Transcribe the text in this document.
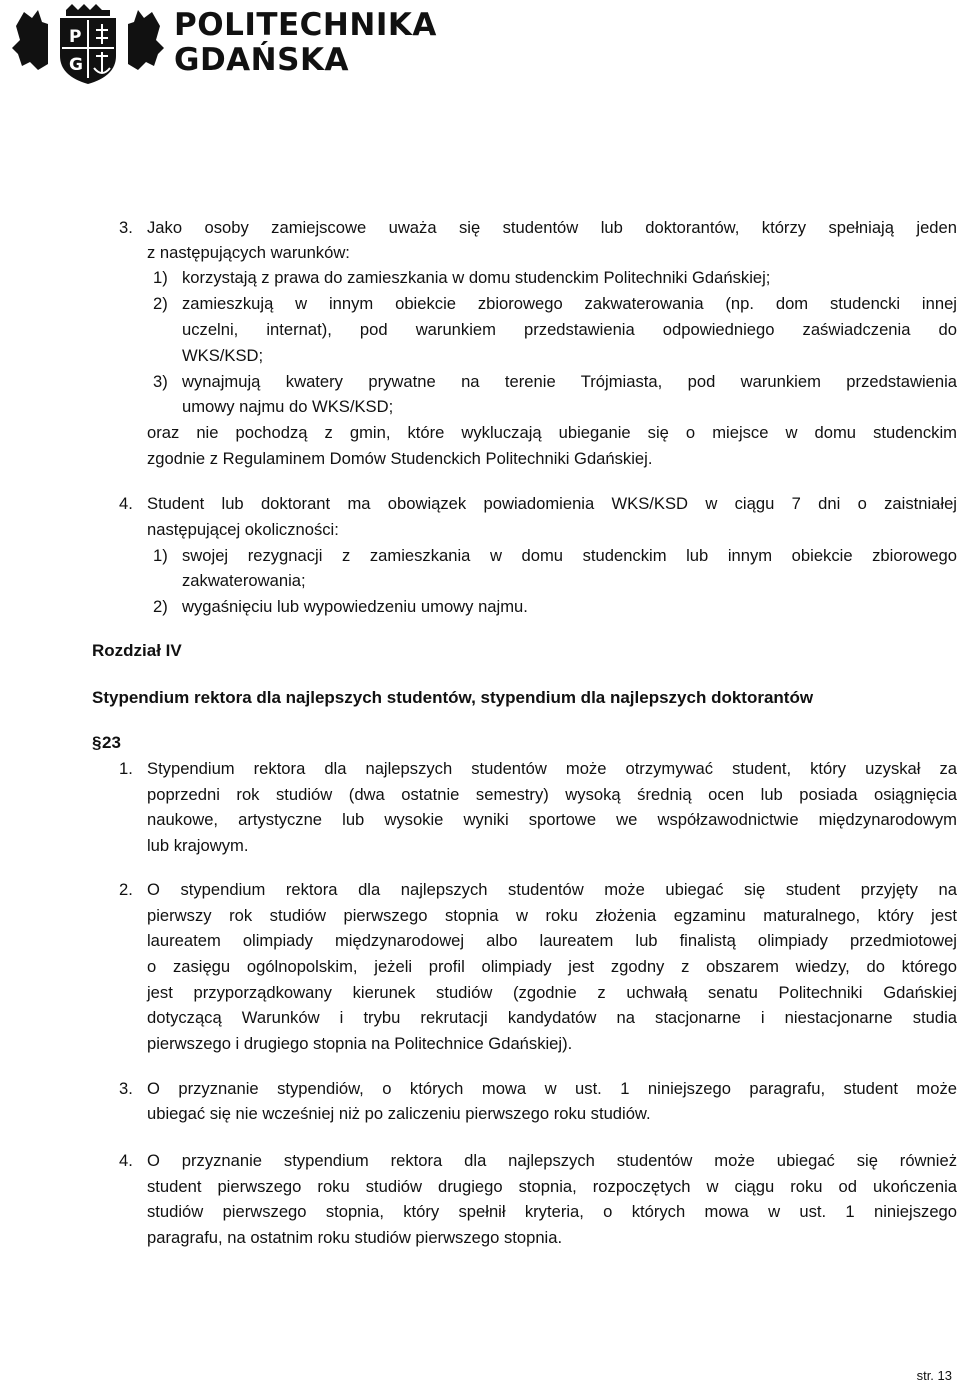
P
G
POLITECHNIKA
GDAŃSKA
3. Jako osoby zamiejscowe uważa się studentów lub doktorantów, którzy spełniają jeden
z następujących warunków:
1) korzystają z prawa do zamieszkania w domu studenckim Politechniki Gdańskiej;
2) zamieszkują w innym obiekcie zbiorowego zakwaterowania (np. dom studencki innej
uczelni, internat), pod warunkiem przedstawienia odpowiedniego zaświadczenia do
WKS/KSD;
3) wynajmują kwatery prywatne na terenie Trójmiasta, pod warunkiem przedstawienia
umowy najmu do WKS/KSD;
oraz nie pochodzą z gmin, które wykluczają ubieganie się o miejsce w domu studenckim
zgodnie z Regulaminem Domów Studenckich Politechniki Gdańskiej.
4. Student lub doktorant ma obowiązek powiadomienia WKS/KSD w ciągu 7 dni o zaistniałej
następującej okoliczności:
1) swojej rezygnacji z zamieszkania w domu studenckim lub innym obiekcie zbiorowego
zakwaterowania;
2) wygaśnięciu lub wypowiedzeniu umowy najmu.
Rozdział IV
Stypendium rektora dla najlepszych studentów, stypendium dla najlepszych doktorantów
§23
1. Stypendium rektora dla najlepszych studentów może otrzymywać student, który uzyskał za
poprzedni rok studiów (dwa ostatnie semestry) wysoką średnią ocen lub posiada osiągnięcia
naukowe, artystyczne lub wysokie wyniki sportowe we współzawodnictwie międzynarodowym
lub krajowym.
2. O stypendium rektora dla najlepszych studentów może ubiegać się student przyjęty na
pierwszy rok studiów pierwszego stopnia w roku złożenia egzaminu maturalnego, który jest
laureatem olimpiady międzynarodowej albo laureatem lub finalistą olimpiady przedmiotowej
o zasięgu ogólnopolskim, jeżeli profil olimpiady jest zgodny z obszarem wiedzy, do którego
jest przyporządkowany kierunek studiów (zgodnie z uchwałą senatu Politechniki Gdańskiej
dotyczącą Warunków i trybu rekrutacji kandydatów na stacjonarne i niestacjonarne studia
pierwszego i drugiego stopnia na Politechnice Gdańskiej).
3. O przyznanie stypendiów, o których mowa w ust. 1 niniejszego paragrafu, student może
ubiegać się nie wcześniej niż po zaliczeniu pierwszego roku studiów.
4. O przyznanie stypendium rektora dla najlepszych studentów może ubiegać się również
student pierwszego roku studiów drugiego stopnia, rozpoczętych w ciągu roku od ukończenia
studiów pierwszego stopnia, który spełnił kryteria, o których mowa w ust. 1 niniejszego
paragrafu, na ostatnim roku studiów pierwszego stopnia.
str. 13
